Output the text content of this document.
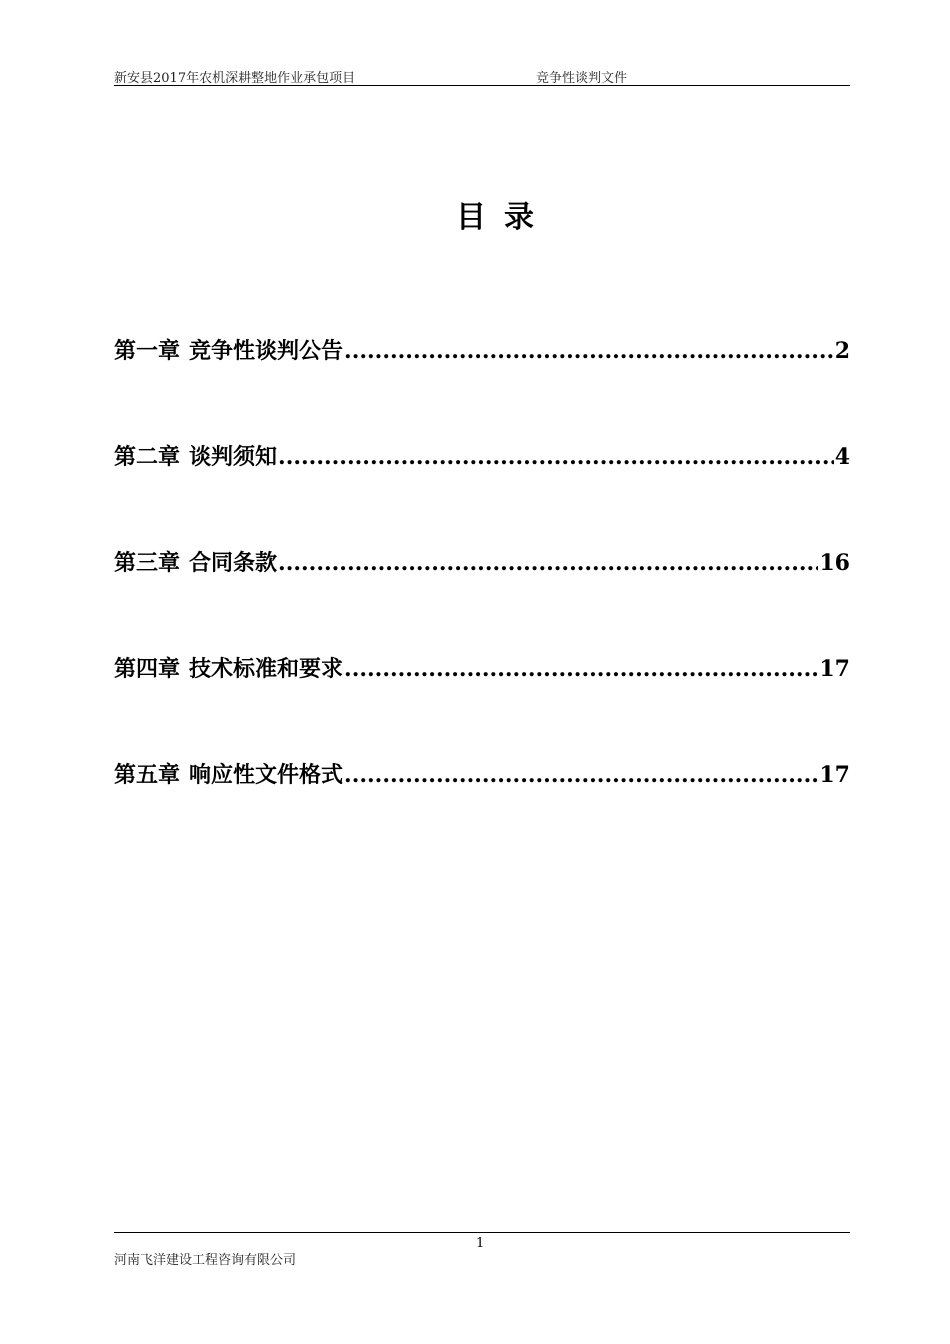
新安县2017年农机深耕整地作业承包项目	竞争性谈判文件
目录
第一章 竞争性谈判公告 .....	2
第二章 谈判须知 .....	4
第三章 合同条款 .....	16
第四章 技术标准和要求 .....	17
第五章 响应性文件格式 .....	17
1
河南飞洋建设工程咨询有限公司
